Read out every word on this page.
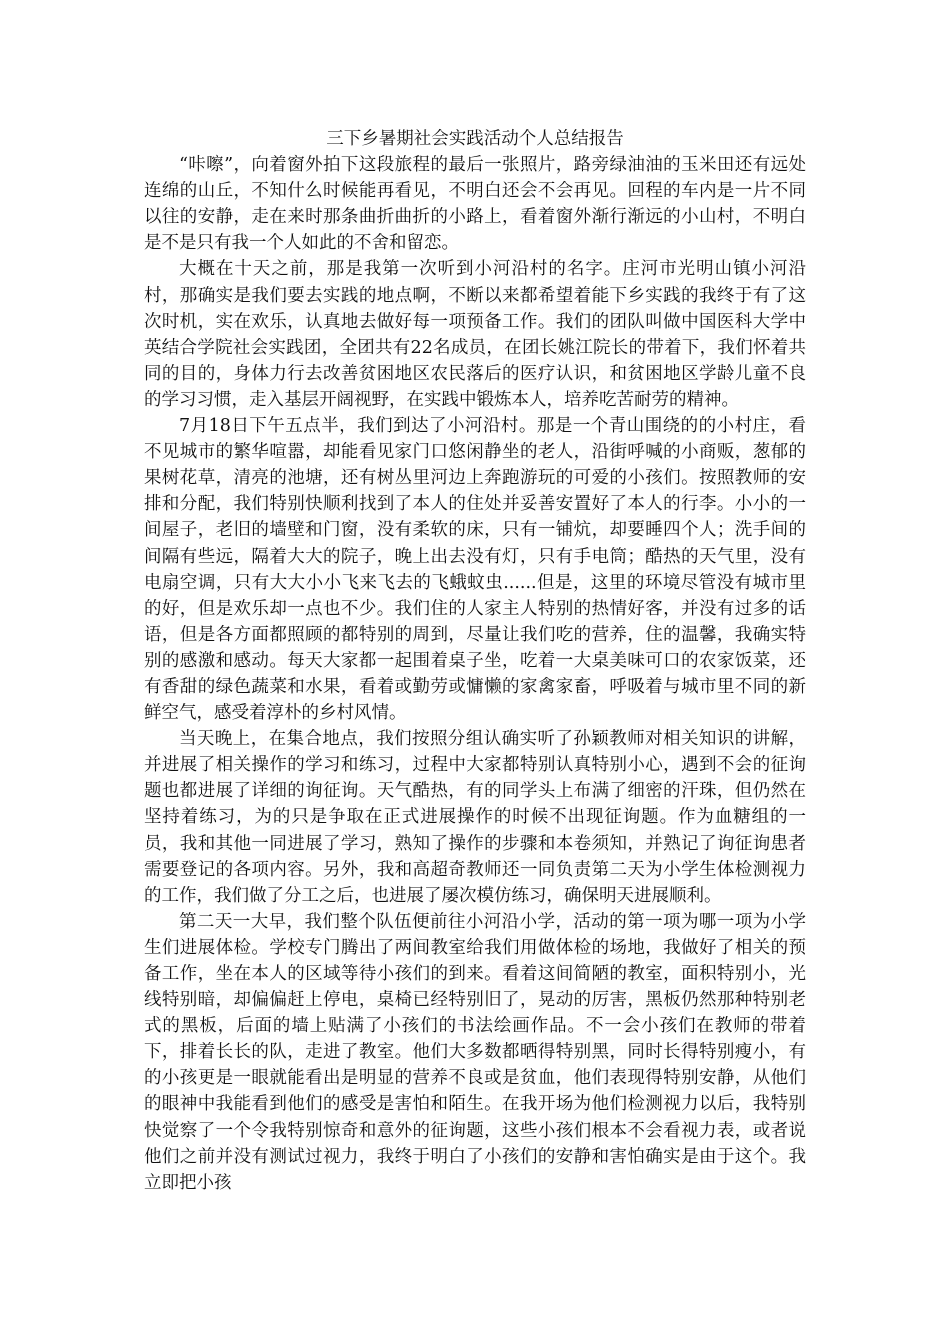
三下乡暑期社会实践活动个人总结报告

“咔嚓”，向着窗外拍下这段旅程的最后一张照片，路旁绿油油的玉米田还有远处连绵的山丘，不知什么时候能再看见，不明白还会不会再见。回程的车内是一片不同以往的安静，走在来时那条曲折曲折的小路上，看着窗外渐行渐远的小山村，不明白是不是只有我一个人如此的不舍和留恋。

大概在十天之前，那是我第一次听到小河沿村的名字。庄河市光明山镇小河沿村，那确实是我们要去实践的地点啊，不断以来都希望着能下乡实践的我终于有了这次时机，实在欢乐，认真地去做好每一项预备工作。我们的团队叫做中国医科大学中英结合学院社会实践团，全团共有22名成员，在团长姚江院长的带着下，我们怀着共同的目的，身体力行去改善贫困地区农民落后的医疗认识，和贫困地区学龄儿童不良的学习习惯，走入基层开阔视野，在实践中锻炼本人，培养吃苦耐劳的精神。

7月18日下午五点半，我们到达了小河沿村。那是一个青山围绕的的小村庄，看不见城市的繁华喧嚣，却能看见家门口悠闲静坐的老人，沿街呼喊的小商贩，葱郁的果树花草，清亮的池塘，还有树丛里河边上奔跑游玩的可爱的小孩们。按照教师的安排和分配，我们特别快顺利找到了本人的住处并妥善安置好了本人的行李。小小的一间屋子，老旧的墙壁和门窗，没有柔软的床，只有一铺炕，却要睡四个人；洗手间的间隔有些远，隔着大大的院子，晚上出去没有灯，只有手电筒；酷热的天气里，没有电扇空调，只有大大小小飞来飞去的飞蛾蚊虫......但是，这里的环境尽管没有城市里的好，但是欢乐却一点也不少。我们住的人家主人特别的热情好客，并没有过多的话语，但是各方面都照顾的都特别的周到，尽量让我们吃的营养，住的温馨，我确实特别的感激和感动。每天大家都一起围着桌子坐，吃着一大桌美味可口的农家饭菜，还有香甜的绿色蔬菜和水果，看着或勤劳或慵懒的家禽家畜，呼吸着与城市里不同的新鲜空气，感受着淳朴的乡村风情。

当天晚上，在集合地点，我们按照分组认确实听了孙颖教师对相关知识的讲解，并进展了相关操作的学习和练习，过程中大家都特别认真特别小心，遇到不会的征询题也都进展了详细的询征询。天气酷热，有的同学头上布满了细密的汗珠，但仍然在坚持着练习，为的只是争取在正式进展操作的时候不出现征询题。作为血糖组的一员，我和其他一同进展了学习，熟知了操作的步骤和本卷须知，并熟记了询征询患者需要登记的各项内容。另外，我和高超奇教师还一同负责第二天为小学生体检测视力的工作，我们做了分工之后，也进展了屡次模仿练习，确保明天进展顺利。

第二天一大早，我们整个队伍便前往小河沿小学，活动的第一项为哪一项为小学生们进展体检。学校专门腾出了两间教室给我们用做体检的场地，我做好了相关的预备工作，坐在本人的区域等待小孩们的到来。看着这间简陋的教室，面积特别小，光线特别暗，却偏偏赶上停电，桌椅已经特别旧了，晃动的厉害，黑板仍然那种特别老式的黑板，后面的墙上贴满了小孩们的书法绘画作品。不一会小孩们在教师的带着下，排着长长的队，走进了教室。他们大多数都晒得特别黑，同时长得特别瘦小，有的小孩更是一眼就能看出是明显的营养不良或是贫血，他们表现得特别安静，从他们的眼神中我能看到他们的感受是害怕和陌生。在我开场为他们检测视力以后，我特别快觉察了一个令我特别惊奇和意外的征询题，这些小孩们根本不会看视力表，或者说他们之前并没有测试过视力，我终于明白了小孩们的安静和害怕确实是由于这个。我立即把小孩
